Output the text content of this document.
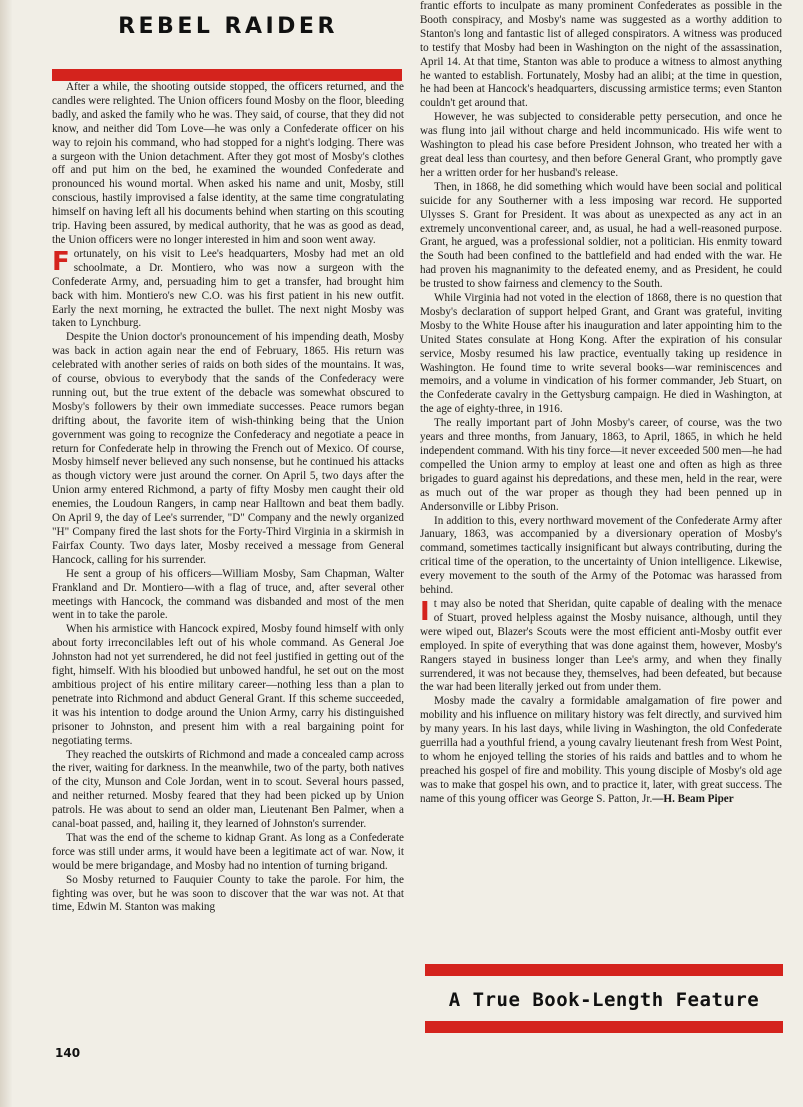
REBEL RAIDER

After a while, the shooting outside stopped, the officers returned, and the candles were relighted. The Union officers found Mosby on the floor, bleeding badly, and asked the family who he was. They said, of course, that they did not know, and neither did Tom Love—he was only a Confederate officer on his way to rejoin his command, who had stopped for a night's lodging. There was a surgeon with the Union detachment. After they got most of Mosby's clothes off and put him on the bed, he examined the wounded Confederate and pronounced his wound mortal. When asked his name and unit, Mosby, still conscious, hastily improvised a false identity, at the same time congratulating himself on having left all his documents behind when starting on this scouting trip. Having been assured, by medical authority, that he was as good as dead, the Union officers were no longer interested in him and soon went away.

Fortunately, on his visit to Lee's headquarters, Mosby had met an old schoolmate, a Dr. Montiero, who was now a surgeon with the Confederate Army, and, persuading him to get a transfer, had brought him back with him. Montiero's new C.O. was his first patient in his new outfit. Early the next morning, he extracted the bullet. The next night Mosby was taken to Lynchburg.

Despite the Union doctor's pronouncement of his impending death, Mosby was back in action again near the end of February, 1865. His return was celebrated with another series of raids on both sides of the mountains. It was, of course, obvious to everybody that the sands of the Confederacy were running out, but the true extent of the debacle was somewhat obscured to Mosby's followers by their own immediate successes. Peace rumors began drifting about, the favorite item of wish-thinking being that the Union government was going to recognize the Confederacy and negotiate a peace in return for Confederate help in throwing the French out of Mexico. Of course, Mosby himself never believed any such nonsense, but he continued his attacks as though victory were just around the corner. On April 5, two days after the Union army entered Richmond, a party of fifty Mosby men caught their old enemies, the Loudoun Rangers, in camp near Halltown and beat them badly. On April 9, the day of Lee's surrender, "D" Company and the newly organized "H" Company fired the last shots for the Forty-Third Virginia in a skirmish in Fairfax County. Two days later, Mosby received a message from General Hancock, calling for his surrender.

He sent a group of his officers—William Mosby, Sam Chapman, Walter Frankland and Dr. Montiero—with a flag of truce, and, after several other meetings with Hancock, the command was disbanded and most of the men went in to take the parole.

When his armistice with Hancock expired, Mosby found himself with only about forty irreconcilables left out of his whole command. As General Joe Johnston had not yet surrendered, he did not feel justified in getting out of the fight, himself. With his bloodied but unbowed handful, he set out on the most ambitious project of his entire military career—nothing less than a plan to penetrate into Richmond and abduct General Grant. If this scheme succeeded, it was his intention to dodge around the Union Army, carry his distinguished prisoner to Johnston, and present him with a real bargaining point for negotiating terms.

They reached the outskirts of Richmond and made a concealed camp across the river, waiting for darkness. In the meanwhile, two of the party, both natives of the city, Munson and Cole Jordan, went in to scout. Several hours passed, and neither returned. Mosby feared that they had been picked up by Union patrols. He was about to send an older man, Lieutenant Ben Palmer, when a canal-boat passed, and, hailing it, they learned of Johnston's surrender.

That was the end of the scheme to kidnap Grant. As long as a Confederate force was still under arms, it would have been a legitimate act of war. Now, it would be mere brigandage, and Mosby had no intention of turning brigand.

So Mosby returned to Fauquier County to take the parole. For him, the fighting was over, but he was soon to discover that the war was not. At that time, Edwin M. Stanton was making

frantic efforts to inculpate as many prominent Confederates as possible in the Booth conspiracy, and Mosby's name was suggested as a worthy addition to Stanton's long and fantastic list of alleged conspirators. A witness was produced to testify that Mosby had been in Washington on the night of the assassination, April 14. At that time, Stanton was able to produce a witness to almost anything he wanted to establish. Fortunately, Mosby had an alibi; at the time in question, he had been at Hancock's headquarters, discussing armistice terms; even Stanton couldn't get around that.

However, he was subjected to considerable petty persecution, and once he was flung into jail without charge and held incommunicado. His wife went to Washington to plead his case before President Johnson, who treated her with a great deal less than courtesy, and then before General Grant, who promptly gave her a written order for her husband's release.

Then, in 1868, he did something which would have been social and political suicide for any Southerner with a less imposing war record. He supported Ulysses S. Grant for President. It was about as unexpected as any act in an extremely unconventional career, and, as usual, he had a well-reasoned purpose. Grant, he argued, was a professional soldier, not a politician. His enmity toward the South had been confined to the battlefield and had ended with the war. He had proven his magnanimity to the defeated enemy, and as President, he could be trusted to show fairness and clemency to the South.

While Virginia had not voted in the election of 1868, there is no question that Mosby's declaration of support helped Grant, and Grant was grateful, inviting Mosby to the White House after his inauguration and later appointing him to the United States consulate at Hong Kong. After the expiration of his consular service, Mosby resumed his law practice, eventually taking up residence in Washington. He found time to write several books—war reminiscences and memoirs, and a volume in vindication of his former commander, Jeb Stuart, on the Confederate cavalry in the Gettysburg campaign. He died in Washington, at the age of eighty-three, in 1916.

The really important part of John Mosby's career, of course, was the two years and three months, from January, 1863, to April, 1865, in which he held independent command. With his tiny force—it never exceeded 500 men—he had compelled the Union army to employ at least one and often as high as three brigades to guard against his depredations, and these men, held in the rear, were as much out of the war proper as though they had been penned up in Andersonville or Libby Prison.

In addition to this, every northward movement of the Confederate Army after January, 1863, was accompanied by a diversionary operation of Mosby's command, sometimes tactically insignificant but always contributing, during the critical time of the operation, to the uncertainty of Union intelligence. Likewise, every movement to the south of the Army of the Potomac was harassed from behind.

It may also be noted that Sheridan, quite capable of dealing with the menace of Stuart, proved helpless against the Mosby nuisance, although, until they were wiped out, Blazer's Scouts were the most efficient anti-Mosby outfit ever employed. In spite of everything that was done against them, however, Mosby's Rangers stayed in business longer than Lee's army, and when they finally surrendered, it was not because they, themselves, had been defeated, but because the war had been literally jerked out from under them.

Mosby made the cavalry a formidable amalgamation of fire power and mobility and his influence on military history was felt directly, and survived him by many years. In his last days, while living in Washington, the old Confederate guerrilla had a youthful friend, a young cavalry lieutenant fresh from West Point, to whom he enjoyed telling the stories of his raids and battles and to whom he preached his gospel of fire and mobility. This young disciple of Mosby's old age was to make that gospel his own, and to practice it, later, with great success. The name of this young officer was George S. Patton, Jr.—H. Beam Piper

A True Book-Length Feature
140
